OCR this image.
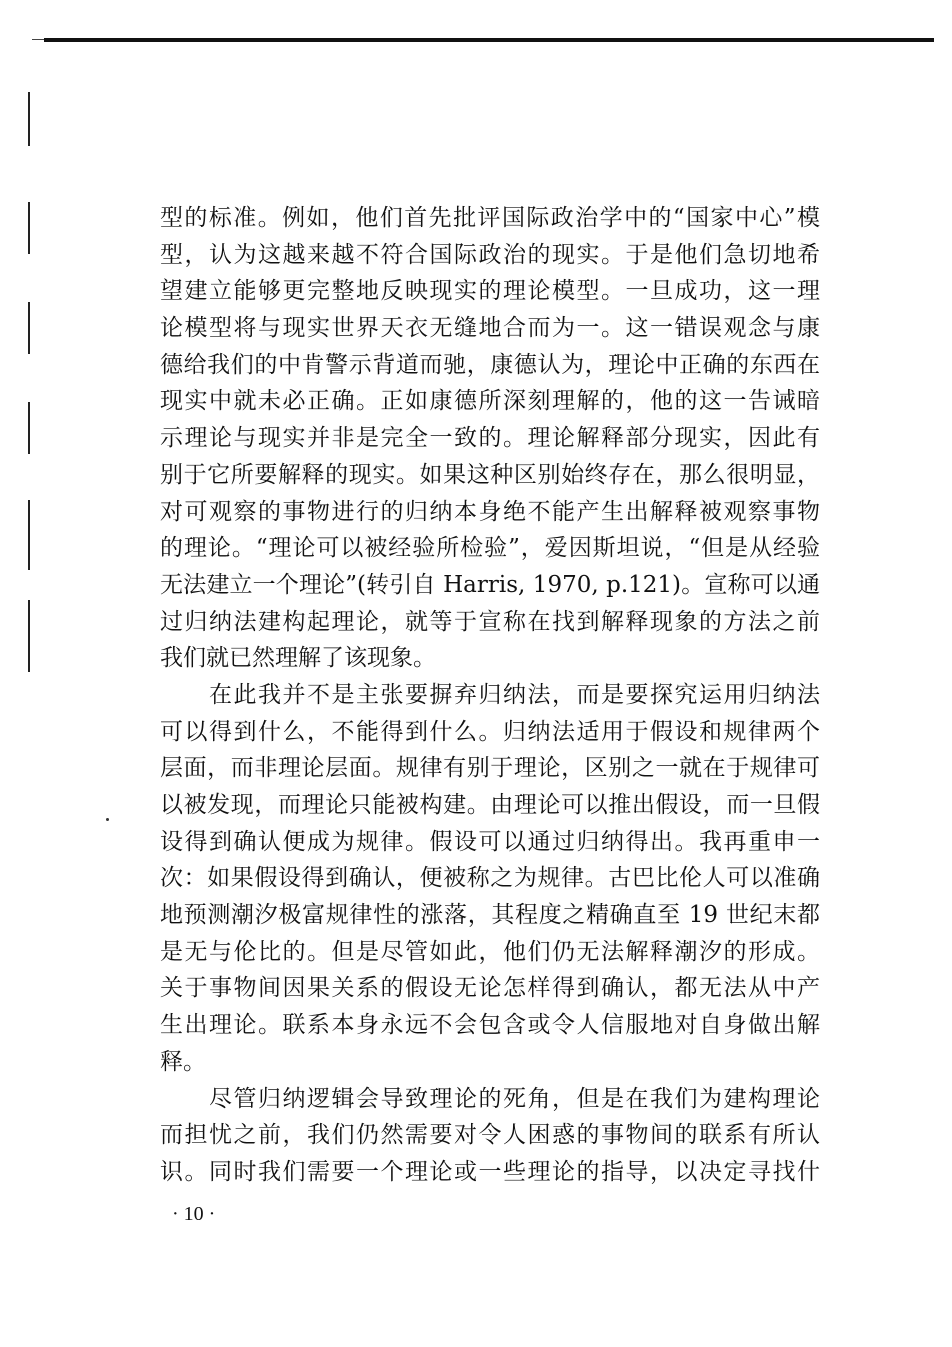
型的标准。例如，他们首先批评国际政治学中的“国家中心”模
型，认为这越来越不符合国际政治的现实。于是他们急切地希
望建立能够更完整地反映现实的理论模型。一旦成功，这一理
论模型将与现实世界天衣无缝地合而为一。这一错误观念与康
德给我们的中肯警示背道而驰，康德认为，理论中正确的东西在
现实中就未必正确。正如康德所深刻理解的，他的这一告诫暗
示理论与现实并非是完全一致的。理论解释部分现实，因此有
别于它所要解释的现实。如果这种区别始终存在，那么很明显，
对可观察的事物进行的归纳本身绝不能产生出解释被观察事物
的理论。“理论可以被经验所检验”，爱因斯坦说，“但是从经验
无法建立一个理论”(转引自 Harris, 1970, p.121)。宣称可以通
过归纳法建构起理论，就等于宣称在找到解释现象的方法之前
我们就已然理解了该现象。
　　在此我并不是主张要摒弃归纳法，而是要探究运用归纳法
可以得到什么，不能得到什么。归纳法适用于假设和规律两个
层面，而非理论层面。规律有别于理论，区别之一就在于规律可
以被发现，而理论只能被构建。由理论可以推出假设，而一旦假
设得到确认便成为规律。假设可以通过归纳得出。我再重申一
次：如果假设得到确认，便被称之为规律。古巴比伦人可以准确
地预测潮汐极富规律性的涨落，其程度之精确直至 19 世纪末都
是无与伦比的。但是尽管如此，他们仍无法解释潮汐的形成。
关于事物间因果关系的假设无论怎样得到确认，都无法从中产
生出理论。联系本身永远不会包含或令人信服地对自身做出解
释。
　　尽管归纳逻辑会导致理论的死角，但是在我们为建构理论
而担忧之前，我们仍然需要对令人困惑的事物间的联系有所认
识。同时我们需要一个理论或一些理论的指导，以决定寻找什
· 10 ·
